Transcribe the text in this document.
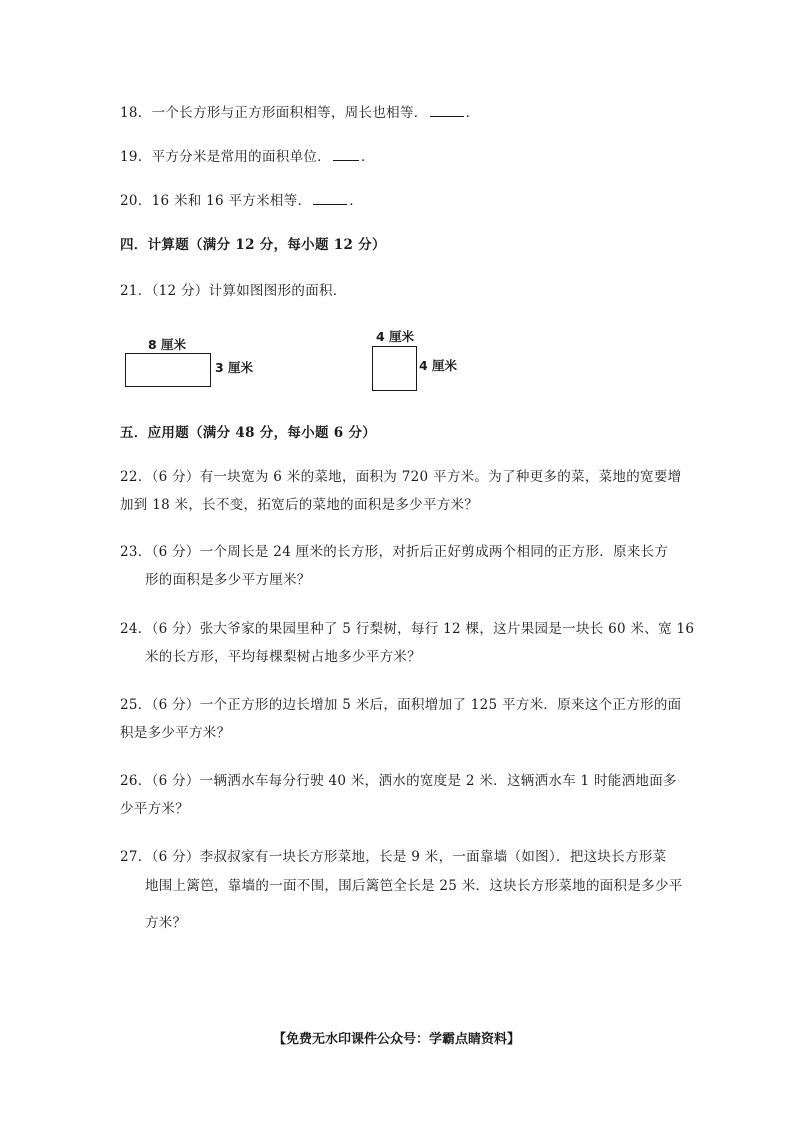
18．一个长方形与正方形面积相等，周长也相等．	．
19．平方分米是常用的面积单位． ．
20．16 米和 16 平方米相等．	．
四．计算题（满分 12 分，每小题 12 分）
21．（12 分）计算如图图形的面积．
8 厘米
3 厘米
4 厘米
4 厘米
五．应用题（满分 48 分，每小题 6 分）
22．（6 分）有一块宽为 6 米的菜地，面积为 720 平方米。为了种更多的菜，菜地的宽要增
加到 18 米，长不变，拓宽后的菜地的面积是多少平方米？
23．（6 分）一个周长是 24 厘米的长方形，对折后正好剪成两个相同的正方形．原来长方
形的面积是多少平方厘米？
24．（6 分）张大爷家的果园里种了 5 行梨树，每行 12 棵，这片果园是一块长 60 米、宽 16
米的长方形，平均每棵梨树占地多少平方米？
25．（6 分）一个正方形的边长增加 5 米后，面积增加了 125 平方米．原来这个正方形的面
积是多少平方米？
26．（6 分）一辆洒水车每分行驶 40 米，洒水的宽度是 2 米．这辆洒水车 1 时能洒地面多
少平方米？
27．（6 分）李叔叔家有一块长方形菜地，长是 9 米，一面靠墙（如图）．把这块长方形菜
地围上篱笆，靠墙的一面不围，围后篱笆全长是 25 米．这块长方形菜地的面积是多少平
方米？
【免费无水印课件公众号：学霸点睛资料】
